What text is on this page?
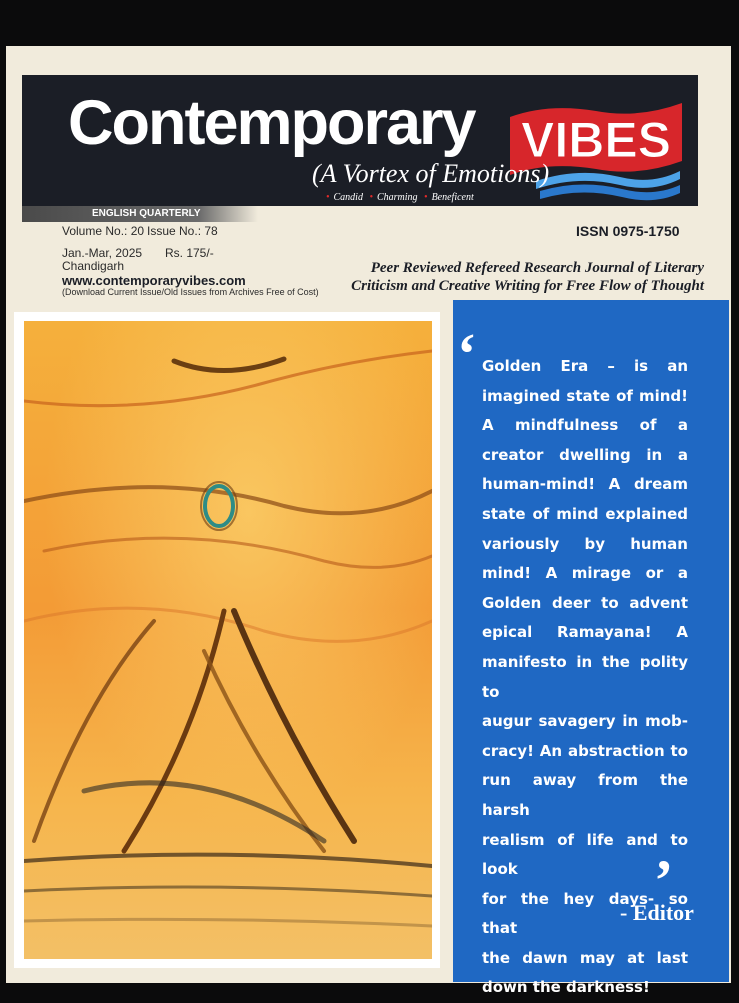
Contemporary VIBES
(A Vortex of Emotions)
• Candid • Charming • Beneficent
ENGLISH QUARTERLY
Volume No.: 20 Issue No.: 78
Jan.-Mar, 2025 Rs. 175/-
Chandigarh
www.contemporaryvibes.com
(Download Current Issue/Old Issues from Archives Free of Cost)
ISSN 0975-1750
Peer Reviewed Refereed Research Journal of Literary
Criticism and Creative Writing for Free Flow of Thought
‘ Golden Era – is an
imagined state of mind!
A mindfulness of a
creator dwelling in a
human-mind! A dream
state of mind explained
variously by human
mind! A mirage or a
Golden deer to advent
epical Ramayana! A
manifesto in the polity to
augur savagery in mob-
cracy! An abstraction to
run away from the harsh
realism of life and to look
for the hey days- so that
the dawn may at last
down the darkness!
’
- Editor
